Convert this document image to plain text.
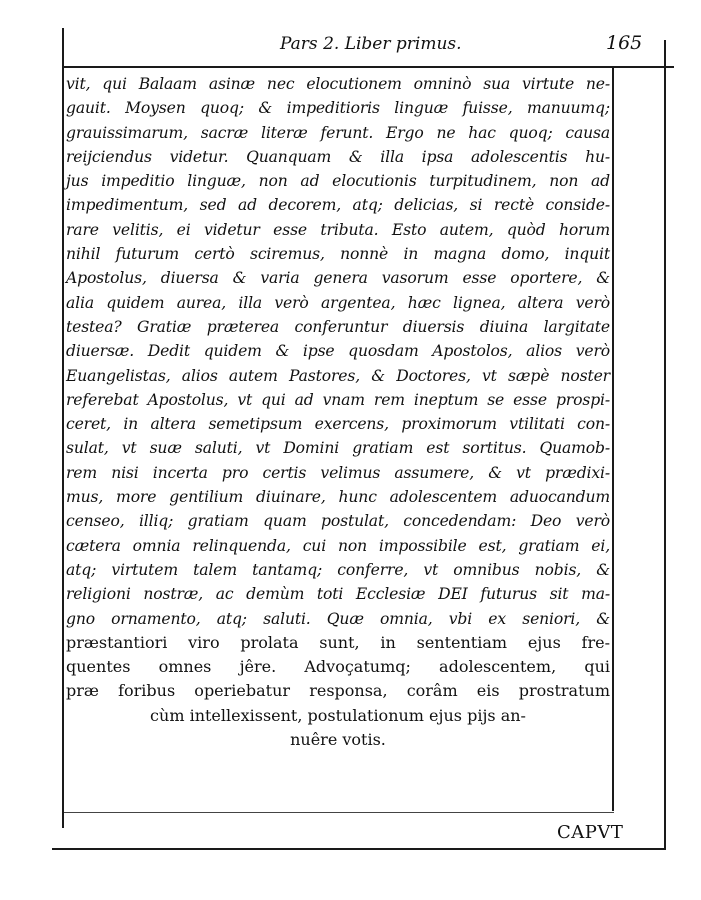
Pars 2. Liber primus.	165
vit, qui Balaam asinæ nec elocutionem omninò sua virtute ne-
gauit. Moysen quoq; & impeditioris linguæ fuisse, manuumq;
grauissimarum, sacræ literæ ferunt. Ergo ne hac quoq; causa
reijciendus videtur. Quanquam & illa ipsa adolescentis hu-
jus impeditio linguæ, non ad elocutionis turpitudinem, non ad
impedimentum, sed ad decorem, atq; delicias, si rectè conside-
rare velitis, ei videtur esse tributa. Esto autem, quòd horum
nihil futurum certò sciremus, nonnè in magna domo, inquit
Apostolus, diuersa & varia genera vasorum esse oportere, &
alia quidem aurea, illa verò argentea, hæc lignea, altera verò
testea? Gratiæ præterea conferuntur diuersis diuina largitate
diuersæ. Dedit quidem & ipse quosdam Apostolos, alios verò
Euangelistas, alios autem Pastores, & Doctores, vt sæpè noster
referebat Apostolus, vt qui ad vnam rem ineptum se esse prospi-
ceret, in altera semetipsum exercens, proximorum vtilitati con-
sulat, vt suæ saluti, vt Domini gratiam est sortitus. Quamob-
rem nisi incerta pro certis velimus assumere, & vt prædixi-
mus, more gentilium diuinare, hunc adolescentem aduocandum
censeo, illiq; gratiam quam postulat, concedendam: Deo verò
cætera omnia relinquenda, cui non impossibile est, gratiam ei,
atq; virtutem talem tantamq; conferre, vt omnibus nobis, &
religioni nostræ, ac demùm toti Ecclesiæ DEI futurus sit ma-
gno ornamento, atq; saluti. Quæ omnia, vbi ex seniori, &
præstantiori viro prolata sunt, in sententiam ejus fre-
quentes omnes jêre. Advoçatumq; adolescentem, qui
præ foribus operiebatur responsa, corâm eis prostratum
cùm intellexissent, postulationum ejus pijs an-
nuêre votis.
CAPVT
